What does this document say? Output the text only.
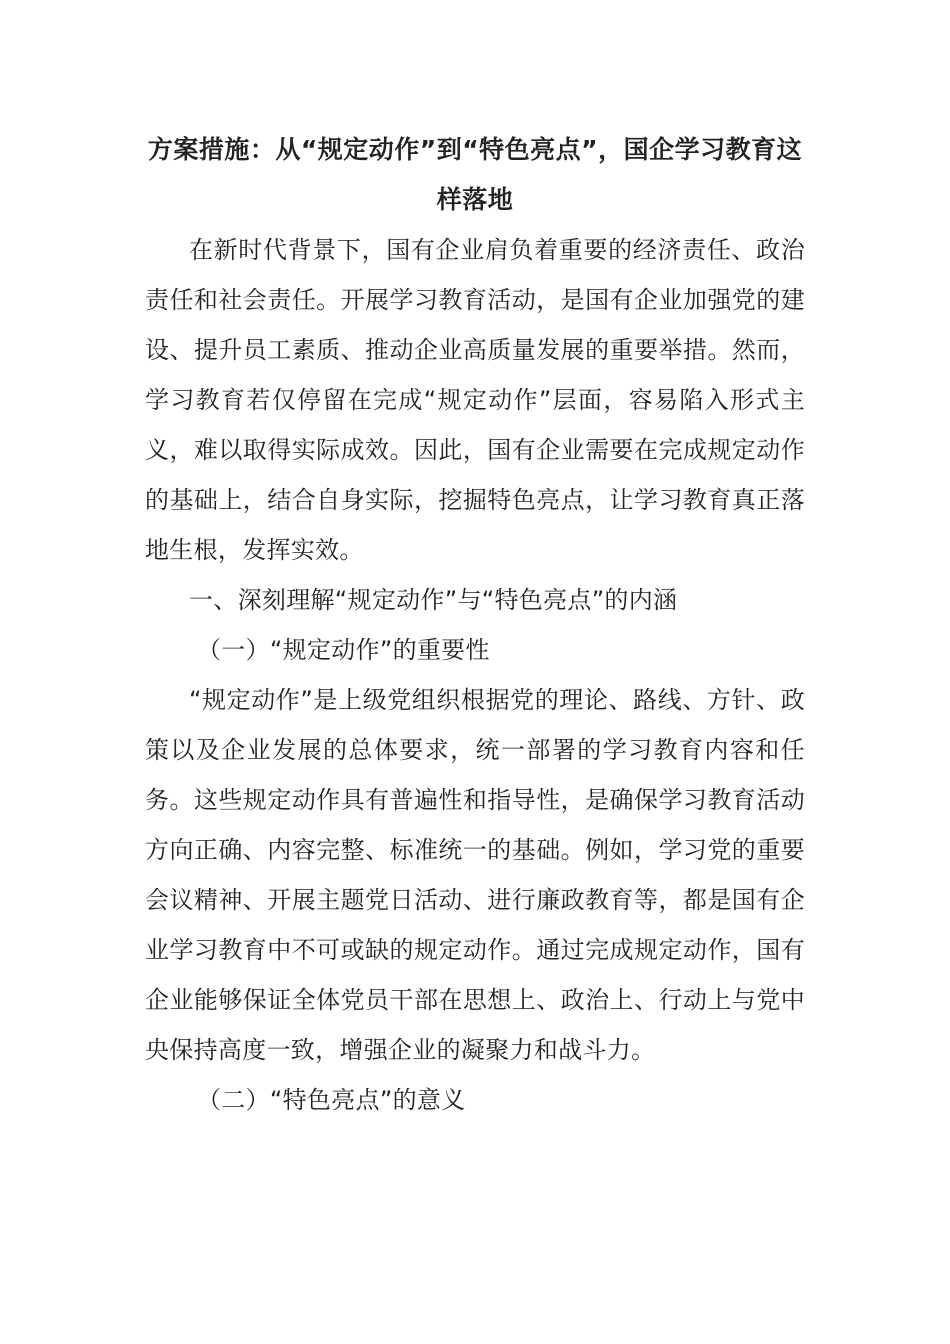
方案措施：从“规定动作”到“特色亮点”，国企学习教育这样落地

在新时代背景下，国有企业肩负着重要的经济责任、政治责任和社会责任。开展学习教育活动，是国有企业加强党的建设、提升员工素质、推动企业高质量发展的重要举措。然而，学习教育若仅停留在完成“规定动作”层面，容易陷入形式主义，难以取得实际成效。因此，国有企业需要在完成规定动作的基础上，结合自身实际，挖掘特色亮点，让学习教育真正落地生根，发挥实效。

一、深刻理解“规定动作”与“特色亮点”的内涵

（一）“规定动作”的重要性

“规定动作”是上级党组织根据党的理论、路线、方针、政策以及企业发展的总体要求，统一部署的学习教育内容和任务。这些规定动作具有普遍性和指导性，是确保学习教育活动方向正确、内容完整、标准统一的基础。例如，学习党的重要会议精神、开展主题党日活动、进行廉政教育等，都是国有企业学习教育中不可或缺的规定动作。通过完成规定动作，国有企业能够保证全体党员干部在思想上、政治上、行动上与党中央保持高度一致，增强企业的凝聚力和战斗力。

（二）“特色亮点”的意义
